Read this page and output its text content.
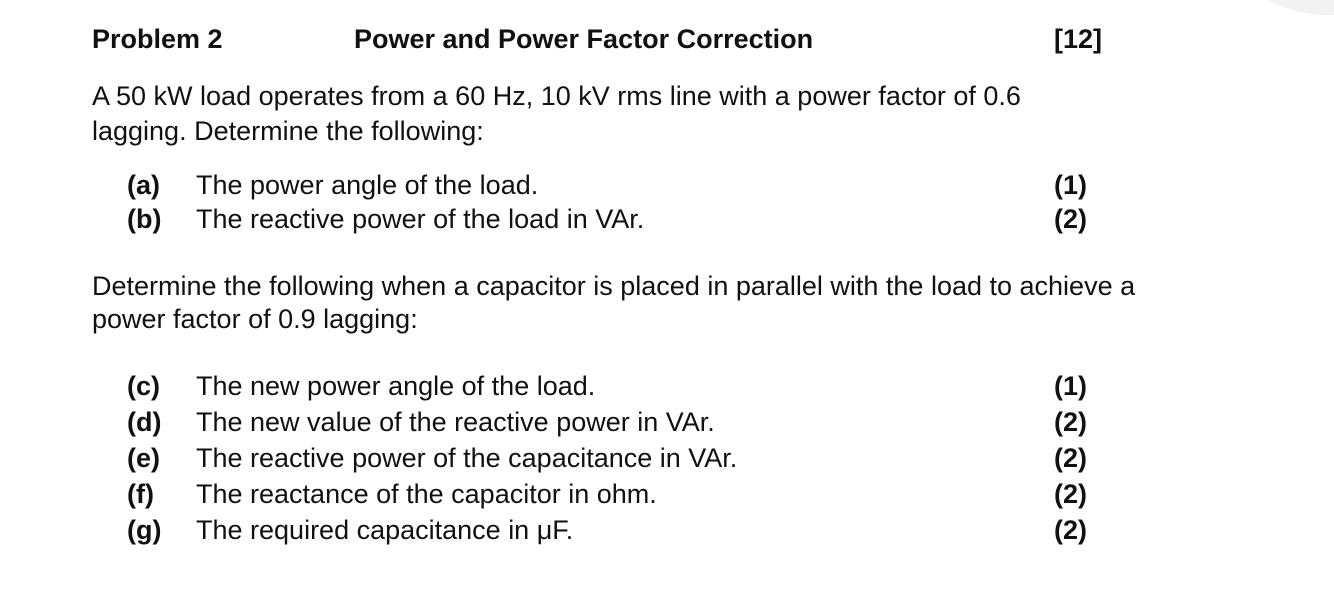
Problem 2	Power and Power Factor Correction	[12]

A 50 kW load operates from a 60 Hz, 10 kV rms line with a power factor of 0.6 lagging. Determine the following:

(a) The power angle of the load.	(1)
(b) The reactive power of the load in VAr.	(2)

Determine the following when a capacitor is placed in parallel with the load to achieve a power factor of 0.9 lagging:

(c) The new power angle of the load.	(1)
(d) The new value of the reactive power in VAr.	(2)
(e) The reactive power of the capacitance in VAr.	(2)
(f) The reactance of the capacitor in ohm.	(2)
(g) The required capacitance in μF.	(2)
